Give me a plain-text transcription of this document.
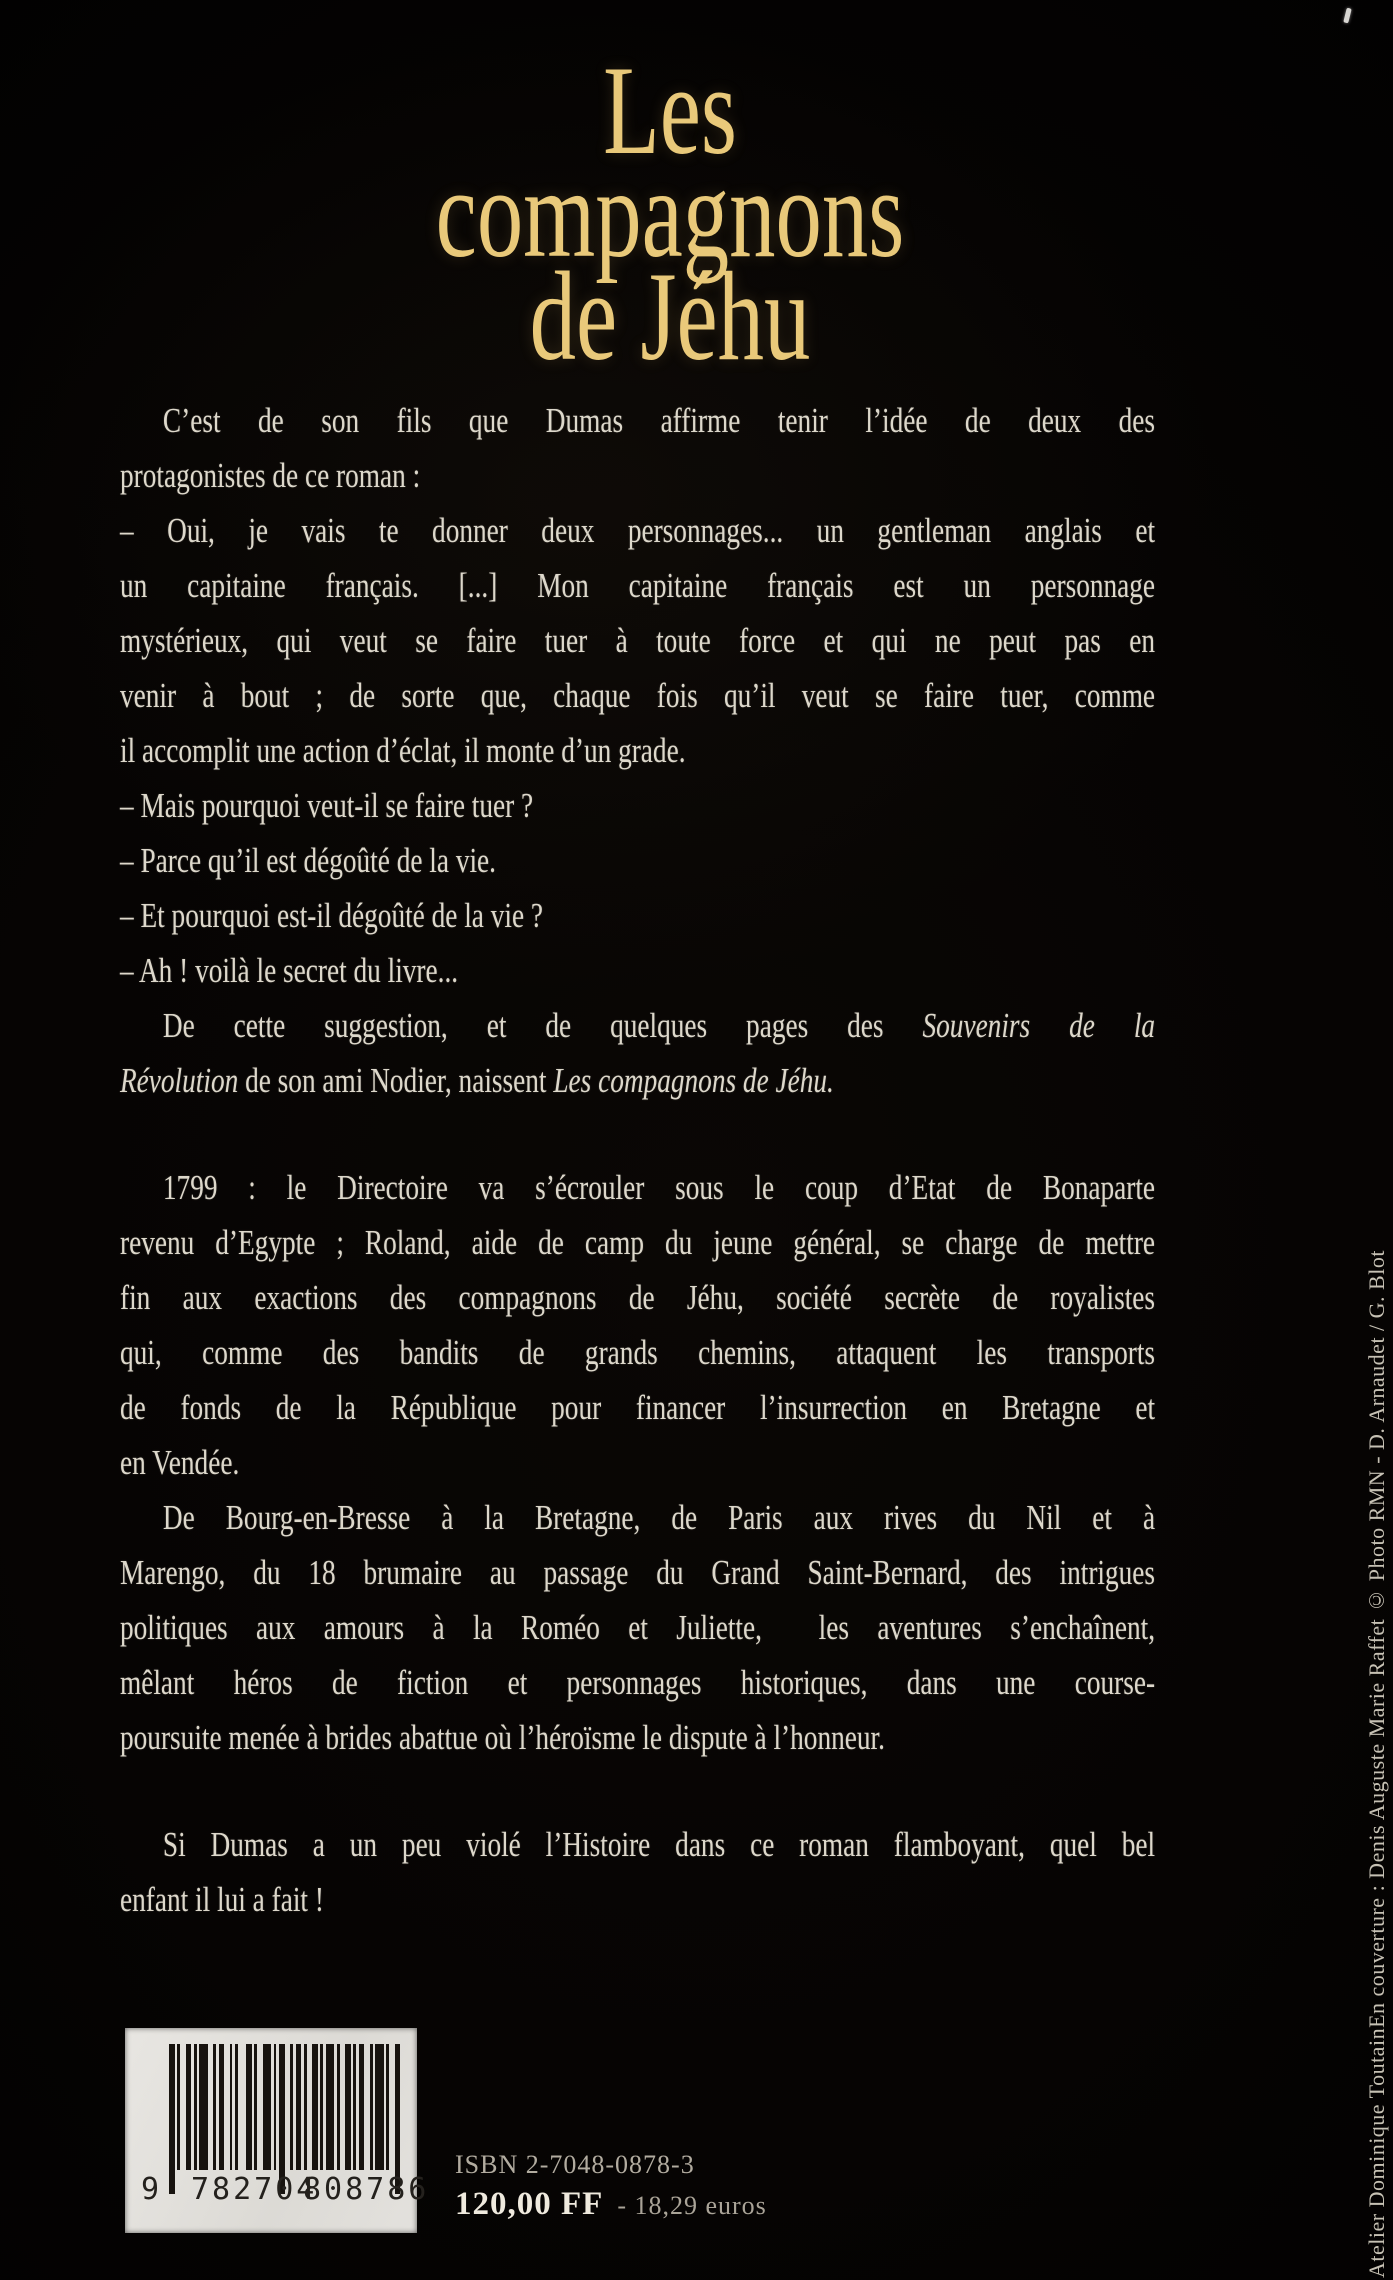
Les
compagnons
de Jéhu
C’est de son fils que Dumas affirme tenir l’idée de deux des
protagonistes de ce roman :
– Oui, je vais te donner deux personnages... un gentleman anglais et
un capitaine français. [...] Mon capitaine français est un personnage
mystérieux, qui veut se faire tuer à toute force et qui ne peut pas en
venir à bout ; de sorte que, chaque fois qu’il veut se faire tuer, comme
il accomplit une action d’éclat, il monte d’un grade.
– Mais pourquoi veut-il se faire tuer ?
– Parce qu’il est dégoûté de la vie.
– Et pourquoi est-il dégoûté de la vie ?
– Ah ! voilà le secret du livre...
De cette suggestion, et de quelques pages des Souvenirs de la
Révolution de son ami Nodier, naissent Les compagnons de Jéhu.
1799 : le Directoire va s’écrouler sous le coup d’Etat de Bonaparte
revenu d’Egypte ; Roland, aide de camp du jeune général, se charge de mettre
fin aux exactions des compagnons de Jéhu, société secrète de royalistes
qui, comme des bandits de grands chemins, attaquent les transports
de fonds de la République pour financer l’insurrection en Bretagne et
en Vendée.
De Bourg-en-Bresse à la Bretagne, de Paris aux rives du Nil et à
Marengo, du 18 brumaire au passage du Grand Saint-Bernard, des intrigues
politiques aux amours à la Roméo et Juliette,  les aventures s’enchaînent,
mêlant héros de fiction et personnages historiques, dans une course-
poursuite menée à brides abattue où l’héroïsme le dispute à l’honneur.
Si Dumas a un peu violé l’Histoire dans ce roman flamboyant, quel bel
enfant il lui a fait !
9 782704
808786
ISBN 2-7048-0878-3
120,00 FF - 18,29 euros	Atelier Dominique ToutainEn couverture : Denis Auguste Marie Raffet © Photo RMN - D. Arnaudet / G. Blot
